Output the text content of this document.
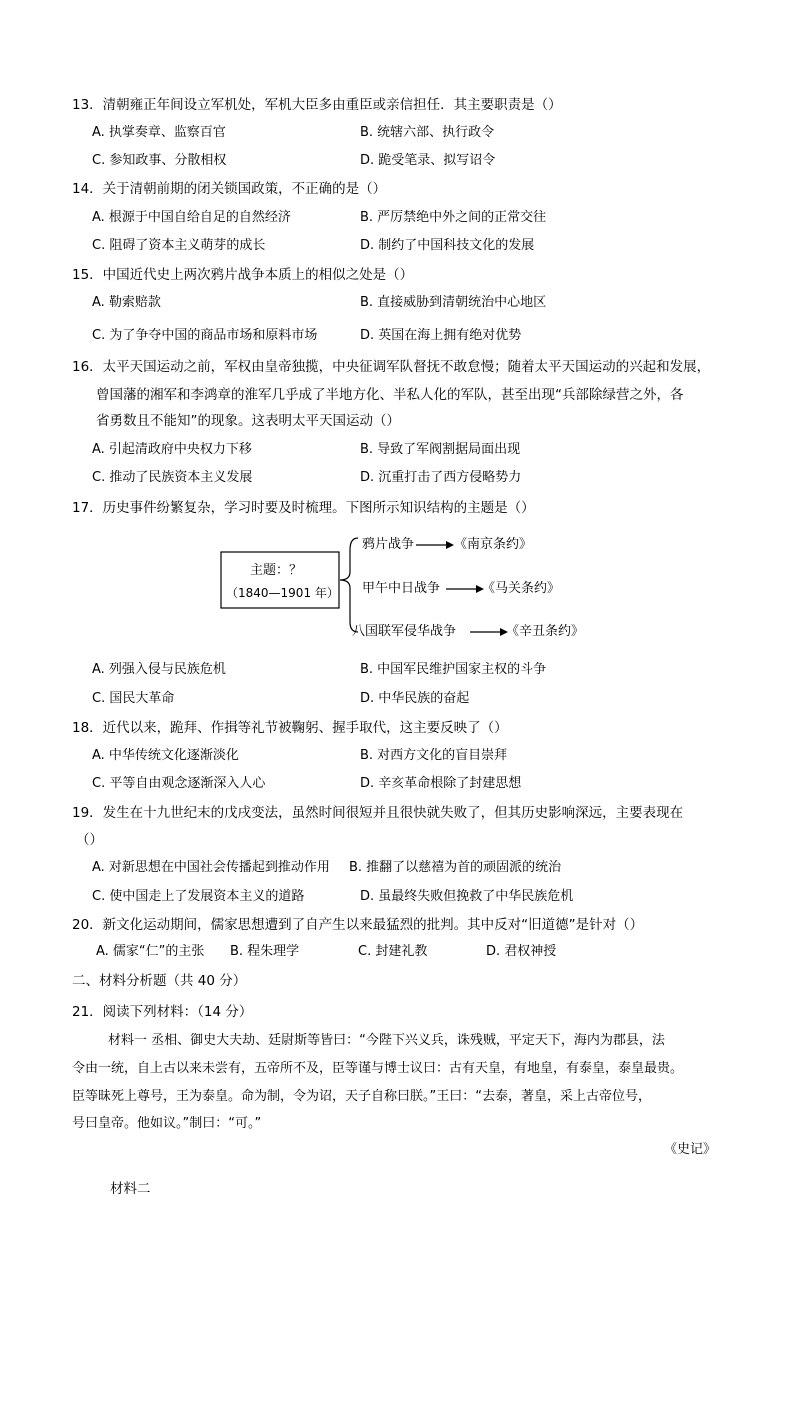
13．清朝雍正年间设立军机处，军机大臣多由重臣或亲信担任．其主要职责是（）
A. 执掌奏章、监察百官	B. 统辖六部、执行政令
C. 参知政事、分散相权	D. 跪受笔录、拟写诏令
14．关于清朝前期的闭关锁国政策，不正确的是（）
A. 根源于中国自给自足的自然经济	B. 严厉禁绝中外之间的正常交往
C. 阻碍了资本主义萌芽的成长	D. 制约了中国科技文化的发展
15．中国近代史上两次鸦片战争本质上的相似之处是（）
A. 勒索赔款	B. 直接威胁到清朝统治中心地区
C. 为了争夺中国的商品市场和原料市场	D. 英国在海上拥有绝对优势
16．太平天国运动之前，军权由皇帝独揽，中央征调军队督抚不敢怠慢；随着太平天国运动的兴起和发展，
曾国藩的湘军和李鸿章的淮军几乎成了半地方化、半私人化的军队，甚至出现“兵部除绿营之外，各
省勇数且不能知”的现象。这表明太平天国运动（）
A. 引起清政府中央权力下移	B. 导致了军阀割据局面出现
C. 推动了民族资本主义发展	D. 沉重打击了西方侵略势力
17．历史事件纷繁复杂，学习时要及时梳理。下图所示知识结构的主题是（）
主题：？
（1840—1901 年）
鸦片战争	《南京条约》
甲午中日战争	《马关条约》
八国联军侵华战争	《辛丑条约》
A. 列强入侵与民族危机	B. 中国军民维护国家主权的斗争
C. 国民大革命	D. 中华民族的奋起
18．近代以来，跪拜、作揖等礼节被鞠躬、握手取代，这主要反映了（）
A. 中华传统文化逐渐淡化	B. 对西方文化的盲目崇拜
C. 平等自由观念逐渐深入人心	D. 辛亥革命根除了封建思想
19．发生在十九世纪末的戊戌变法，虽然时间很短并且很快就失败了，但其历史影响深远，主要表现在
（）
A. 对新思想在中国社会传播起到推动作用 B. 推翻了以慈禧为首的顽固派的统治
C. 使中国走上了发展资本主义的道路	D. 虽最终失败但挽救了中华民族危机
20．新文化运动期间，儒家思想遭到了自产生以来最猛烈的批判。其中反对“旧道德”是针对（）
A. 儒家“仁”的主张 B. 程朱理学	C. 封建礼教	D. 君权神授
二、材料分析题（共 40 分）
21．阅读下列材料：（14 分）
材料一 丞相、御史大夫劫、廷尉斯等皆曰：“今陛下兴义兵，诛残贼，平定天下，海内为郡县，法
令由一统，自上古以来未尝有，五帝所不及，臣等谨与博士议曰：古有天皇，有地皇，有泰皇，泰皇最贵。
臣等昧死上尊号，王为泰皇。命为制，令为诏，天子自称曰朕。”王曰：“去泰，著皇，采上古帝位号，
号曰皇帝。他如议。”制曰：“可。”
《史记》
材料二
